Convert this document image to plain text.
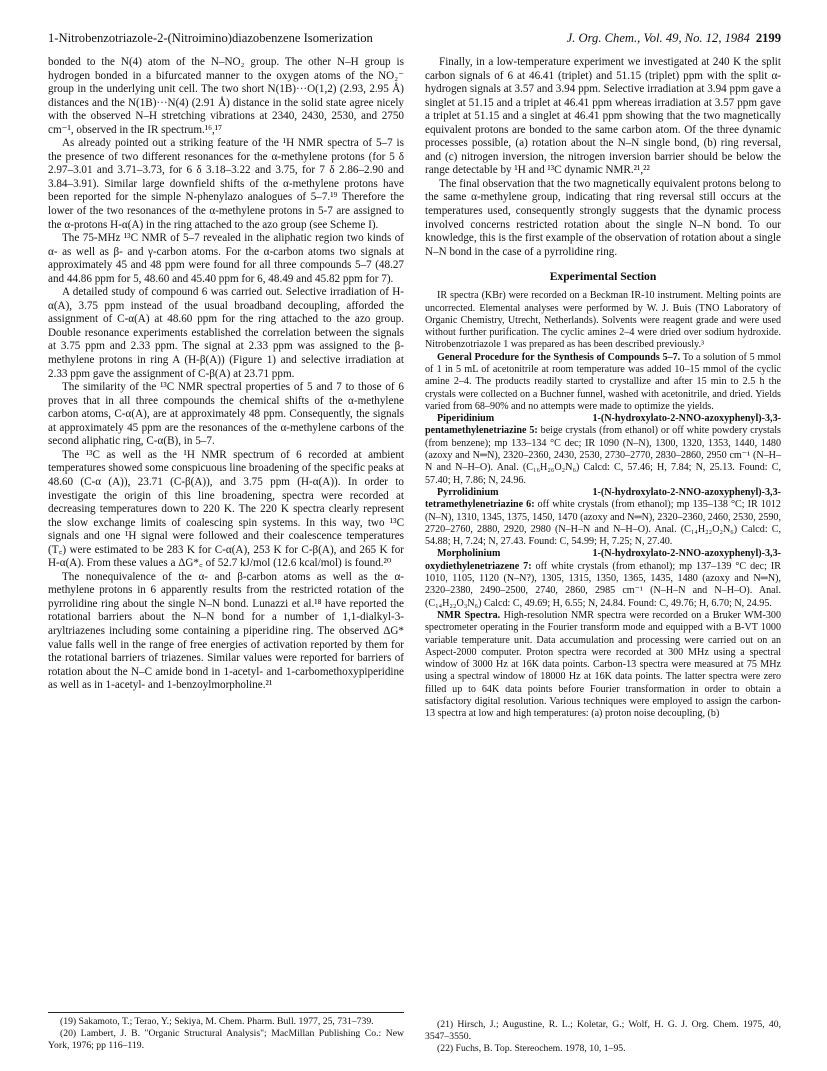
1-Nitrobenzotriazole-2-(Nitroimino)diazobenzene Isomerization	J. Org. Chem., Vol. 49, No. 12, 1984 2199

bonded to the N(4) atom of the N–NO₂ group. The other N–H group is hydrogen bonded in a bifurcated manner to the oxygen atoms of the NO₂⁻ group in the underlying unit cell. The two short N(1B)···O(1,2) (2.93, 2.95 Å) distances and the N(1B)···N(4) (2.91 Å) distance in the solid state agree nicely with the observed N–H stretching vibrations at 2340, 2430, 2530, and 2750 cm⁻¹, observed in the IR spectrum.¹⁶,¹⁷

As already pointed out a striking feature of the ¹H NMR spectra of 5–7 is the presence of two different resonances for the α-methylene protons (for 5 δ 2.97–3.01 and 3.71–3.73, for 6 δ 3.18–3.22 and 3.75, for 7 δ 2.86–2.90 and 3.84–3.91). Similar large downfield shifts of the α-methylene protons have been reported for the simple N-phenylazo analogues of 5–7.¹⁹ Therefore the lower of the two resonances of the α-methylene protons in 5-7 are assigned to the α-protons H-α(A) in the ring attached to the azo group (see Scheme I).

The 75-MHz ¹³C NMR of 5–7 revealed in the aliphatic region two kinds of α- as well as β- and γ-carbon atoms. For the α-carbon atoms two signals at approximately 45 and 48 ppm were found for all three compounds 5–7 (48.27 and 44.86 ppm for 5, 48.60 and 45.40 ppm for 6, 48.49 and 45.82 ppm for 7).

A detailed study of compound 6 was carried out. Selective irradiation of H-α(A), 3.75 ppm instead of the usual broadband decoupling, afforded the assignment of C-α(A) at 48.60 ppm for the ring attached to the azo group. Double resonance experiments established the correlation between the signals at 3.75 ppm and 2.33 ppm. The signal at 2.33 ppm was assigned to the β-methylene protons in ring A (H-β(A)) (Figure 1) and selective irradiation at 2.33 ppm gave the assignment of C-β(A) at 23.71 ppm.

The similarity of the ¹³C NMR spectral properties of 5 and 7 to those of 6 proves that in all three compounds the chemical shifts of the α-methylene carbon atoms, C-α(A), are at approximately 48 ppm. Consequently, the signals at approximately 45 ppm are the resonances of the α-methylene carbons of the second aliphatic ring, C-α(B), in 5–7.

The ¹³C as well as the ¹H NMR spectrum of 6 recorded at ambient temperatures showed some conspicuous line broadening of the specific peaks at 48.60 (C-α (A)), 23.71 (C-β(A)), and 3.75 ppm (H-α(A)). In order to investigate the origin of this line broadening, spectra were recorded at decreasing temperatures down to 220 K. The 220 K spectra clearly represent the slow exchange limits of coalescing spin systems. In this way, two ¹³C signals and one ¹H signal were followed and their coalescence temperatures (T꜀) were estimated to be 283 K for C-α(A), 253 K for C-β(A), and 265 K for H-α(A). From these values a ΔG*꜀ of 52.7 kJ/mol (12.6 kcal/mol) is found.²⁰

The nonequivalence of the α- and β-carbon atoms as well as the α-methylene protons in 6 apparently results from the restricted rotation of the pyrrolidine ring about the single N–N bond. Lunazzi et al.¹⁸ have reported the rotational barriers about the N–N bond for a number of 1,1-dialkyl-3-aryltriazenes including some containing a piperidine ring. The observed ΔG* value falls well in the range of free energies of activation reported by them for the rotational barriers of triazenes. Similar values were reported for barriers of rotation about the N–C amide bond in 1-acetyl- and 1-carbomethoxypiperidine as well as in 1-acetyl- and 1-benzoylmorpholine.²¹

Finally, in a low-temperature experiment we investigated at 240 K the split carbon signals of 6 at 46.41 (triplet) and 51.15 (triplet) ppm with the split α-hydrogen signals at 3.57 and 3.94 ppm. Selective irradiation at 3.94 ppm gave a singlet at 51.15 and a triplet at 46.41 ppm whereas irradiation at 3.57 ppm gave a triplet at 51.15 and a singlet at 46.41 ppm showing that the two magnetically equivalent protons are bonded to the same carbon atom. Of the three dynamic processes possible, (a) rotation about the N–N single bond, (b) ring reversal, and (c) nitrogen inversion, the nitrogen inversion barrier should be below the range detectable by ¹H and ¹³C dynamic NMR.²¹,²²

The final observation that the two magnetically equivalent protons belong to the same α-methylene group, indicating that ring reversal still occurs at the temperatures used, consequently strongly suggests that the dynamic process involved concerns restricted rotation about the single N–N bond. To our knowledge, this is the first example of the observation of rotation about a single N–N bond in the case of a pyrrolidine ring.

Experimental Section

IR spectra (KBr) were recorded on a Beckman IR-10 instrument. Melting points are uncorrected. Elemental analyses were performed by W. J. Buis (TNO Laboratory of Organic Chemistry, Utrecht, Netherlands). Solvents were reagent grade and were used without further purification. The cyclic amines 2–4 were dried over sodium hydroxide. Nitrobenzotriazole 1 was prepared as has been described previously.³

General Procedure for the Synthesis of Compounds 5–7. To a solution of 5 mmol of 1 in 5 mL of acetonitrile at room temperature was added 10–15 mmol of the cyclic amine 2–4. The products readily started to crystallize and after 15 min to 2.5 h the crystals were collected on a Buchner funnel, washed with acetonitrile, and dried. Yields varied from 68–90% and no attempts were made to optimize the yields.

Piperidinium 1-(N-hydroxylato-2-NNO-azoxyphenyl)-3,3-pentamethylenetriazine 5: beige crystals (from ethanol) or off white powdery crystals (from benzene); mp 133–134 °C dec; IR 1090 (N–N), 1300, 1320, 1353, 1440, 1480 (azoxy and N═N), 2320–2360, 2430, 2530, 2730–2770, 2830–2860, 2950 cm⁻¹ (N–H–N and N–H–O). Anal. (C₁₆H₂₆O₂N₆) Calcd: C, 57.46; H, 7.84; N, 25.13. Found: C, 57.40; H, 7.86; N, 24.96.

Pyrrolidinium 1-(N-hydroxylato-2-NNO-azoxyphenyl)-3,3-tetramethylenetriazine 6: off white crystals (from ethanol); mp 135–138 °C; IR 1012 (N–N), 1310, 1345, 1375, 1450, 1470 (azoxy and N═N), 2320–2360, 2460, 2530, 2590, 2720–2760, 2880, 2920, 2980 (N–H–N and N–H–O). Anal. (C₁₄H₂₂O₂N₆) Calcd: C, 54.88; H, 7.24; N, 27.43. Found: C, 54.99; H, 7.25; N, 27.40.

Morpholinium 1-(N-hydroxylato-2-NNO-azoxyphenyl)-3,3-oxydiethylenetriazene 7: off white crystals (from ethanol); mp 137–139 °C dec; IR 1010, 1105, 1120 (N–N?), 1305, 1315, 1350, 1365, 1435, 1480 (azoxy and N═N), 2320–2380, 2490–2500, 2740, 2860, 2985 cm⁻¹ (N–H–N and N–H–O). Anal. (C₁₄H₂₂O₃N₆) Calcd: C, 49.69; H, 6.55; N, 24.84. Found: C, 49.76; H, 6.70; N, 24.95.

NMR Spectra. High-resolution NMR spectra were recorded on a Bruker WM-300 spectrometer operating in the Fourier transform mode and equipped with a B-VT 1000 variable temperature unit. Data accumulation and processing were carried out on an Aspect-2000 computer. Proton spectra were recorded at 300 MHz using a spectral window of 3000 Hz at 16K data points. Carbon-13 spectra were measured at 75 MHz using a spectral window of 18000 Hz at 16K data points. The latter spectra were zero filled up to 64K data points before Fourier transformation in order to obtain a satisfactory digital resolution. Various techniques were employed to assign the carbon-13 spectra at low and high temperatures: (a) proton noise decoupling, (b)

(19) Sakamoto, T.; Terao, Y.; Sekiya, M. Chem. Pharm. Bull. 1977, 25, 731–739.

(20) Lambert, J. B. "Organic Structural Analysis"; MacMillan Publishing Co.: New York, 1976; pp 116–119.

(21) Hirsch, J.; Augustine, R. L.; Koletar, G.; Wolf, H. G. J. Org. Chem. 1975, 40, 3547–3550.

(22) Fuchs, B. Top. Stereochem. 1978, 10, 1–95.
